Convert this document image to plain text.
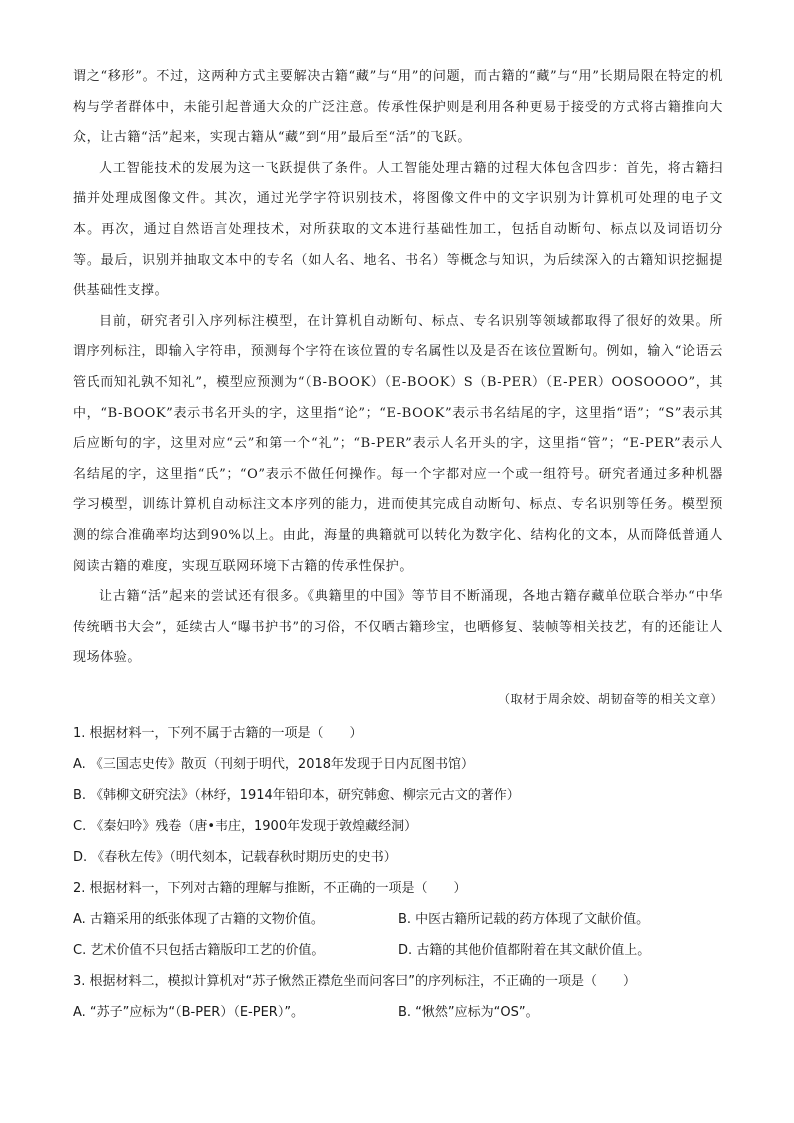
谓之“移形”。不过，这两种方式主要解决古籍“藏”与“用”的问题，而古籍的“藏”与“用”长期局限在特定的机构与学者群体中，未能引起普通大众的广泛注意。传承性保护则是利用各种更易于接受的方式将古籍推向大众，让古籍“活”起来，实现古籍从“藏”到“用”最后至“活”的飞跃。

人工智能技术的发展为这一飞跃提供了条件。人工智能处理古籍的过程大体包含四步：首先，将古籍扫描并处理成图像文件。其次，通过光学字符识别技术，将图像文件中的文字识别为计算机可处理的电子文本。再次，通过自然语言处理技术，对所获取的文本进行基础性加工，包括自动断句、标点以及词语切分等。最后，识别并抽取文本中的专名（如人名、地名、书名）等概念与知识，为后续深入的古籍知识挖掘提供基础性支撑。

目前，研究者引入序列标注模型，在计算机自动断句、标点、专名识别等领域都取得了很好的效果。所谓序列标注，即输入字符串，预测每个字符在该位置的专名属性以及是否在该位置断句。例如，输入“论语云管氏而知礼孰不知礼”，模型应预测为“（B-BOOK）（E-BOOK）S（B-PER）（E-PER）OOSOOOO”，其中，“B-BOOK”表示书名开头的字，这里指“论”；“E-BOOK”表示书名结尾的字，这里指“语”；“S”表示其后应断句的字，这里对应“云”和第一个“礼”；“B-PER”表示人名开头的字，这里指“管”；“E-PER”表示人名结尾的字，这里指“氏”；“O”表示不做任何操作。每一个字都对应一个或一组符号。研究者通过多种机器学习模型，训练计算机自动标注文本序列的能力，进而使其完成自动断句、标点、专名识别等任务。模型预测的综合准确率均达到90%以上。由此，海量的典籍就可以转化为数字化、结构化的文本，从而降低普通人阅读古籍的难度，实现互联网环境下古籍的传承性保护。

让古籍“活”起来的尝试还有很多。《典籍里的中国》等节目不断涌现，各地古籍存藏单位联合举办“中华传统晒书大会”，延续古人“曝书护书”的习俗，不仅晒古籍珍宝，也晒修复、装帧等相关技艺，有的还能让人现场体验。

（取材于周余姣、胡韧奋等的相关文章）
1. 根据材料一，下列不属于古籍的一项是（　　）
A. 《三国志史传》散页（刊刻于明代，2018年发现于日内瓦图书馆）
B. 《韩柳文研究法》（林纾，1914年铅印本，研究韩愈、柳宗元古文的著作）
C. 《秦妇吟》残卷（唐•韦庄，1900年发现于敦煌藏经洞）
D. 《春秋左传》（明代刻本，记载春秋时期历史的史书）
2. 根据材料一，下列对古籍的理解与推断，不正确的一项是（　　）
A. 古籍采用的纸张体现了古籍的文物价值。	B. 中医古籍所记载的药方体现了文献价值。
C. 艺术价值不只包括古籍版印工艺的价值。	D. 古籍的其他价值都附着在其文献价值上。
3. 根据材料二，模拟计算机对“苏子愀然正襟危坐而问客曰”的序列标注，不正确的一项是（　　）
A. “苏子”应标为“（B-PER）（E-PER）”。	B. “愀然”应标为“OS”。
